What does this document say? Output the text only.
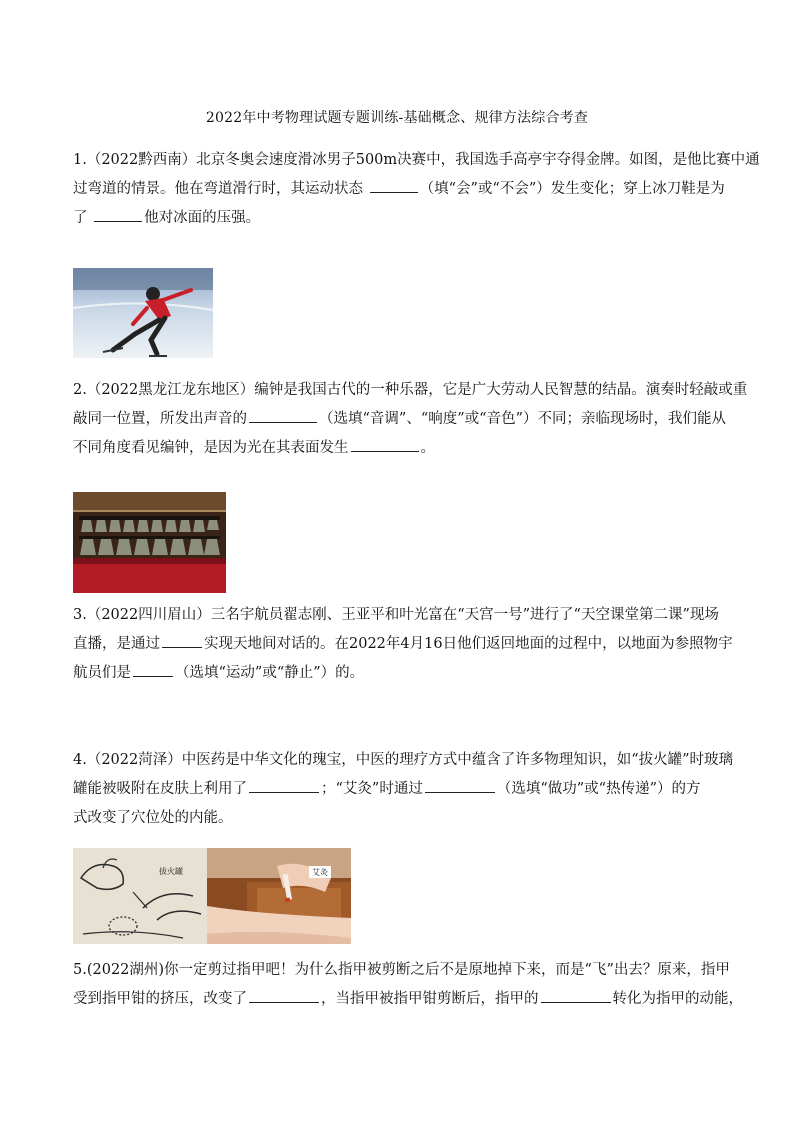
2022年中考物理试题专题训练-基础概念、规律方法综合考查
1.（2022黔西南）北京冬奥会速度滑冰男子500m决赛中，我国选手高亭宇夺得金牌。如图，是他比赛中通
过弯道的情景。他在弯道滑行时，其运动状态	（填“会”或“不会”）发生变化；穿上冰刀鞋是为
了	他对冰面的压强。
2.（2022黑龙江龙东地区）编钟是我国古代的一种乐器，它是广大劳动人民智慧的结晶。演奏时轻敲或重
敲同一位置，所发出声音的	（选填“音调”、“响度”或“音色”）不同；亲临现场时，我们能从
不同角度看见编钟，是因为光在其表面发生	。
3.（2022四川眉山）三名宇航员翟志刚、王亚平和叶光富在“天宫一号”进行了“天空课堂第二课”现场
直播，是通过	实现天地间对话的。在2022年4月16日他们返回地面的过程中，以地面为参照物宇
航员们是	（选填“运动”或“静止”）的。
4.（2022菏泽）中医药是中华文化的瑰宝，中医的理疗方式中蕴含了许多物理知识，如“拔火罐”时玻璃
罐能被吸附在皮肤上利用了	；“艾灸”时通过	（选填“做功”或“热传递”）的方
式改变了穴位处的内能。
拔火罐	艾灸
5.(2022湖州)你一定剪过指甲吧！为什么指甲被剪断之后不是原地掉下来，而是“飞”出去？原来，指甲
受到指甲钳的挤压，改变了	，当指甲被指甲钳剪断后，指甲的	转化为指甲的动能，
